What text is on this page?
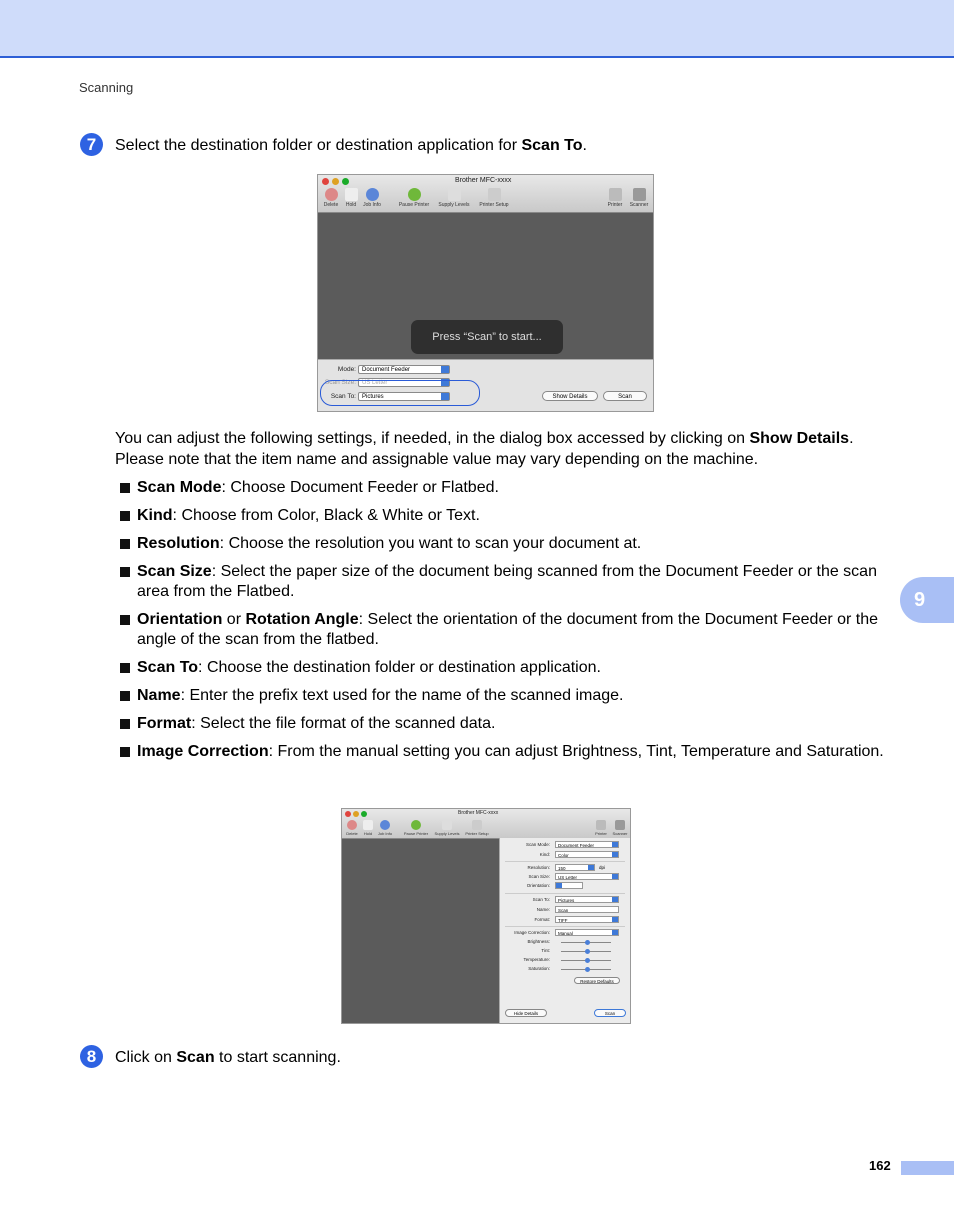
Scanning
7	Select the destination folder or destination application for Scan To.
Brother MFC-xxxx
Delete	Hold	Job Info	Pause Printer	Supply Levels	Printer Setup	Printer	Scanner
Press “Scan” to start...
Mode:	Document Feeder
Scan Size:	US Letter
Scan To:	Pictures	Show Details	Scan
You can adjust the following settings, if needed, in the dialog box accessed by clicking on Show Details.
Please note that the item name and assignable value may vary depending on the machine.
Scan Mode: Choose Document Feeder or Flatbed.
Kind: Choose from Color, Black & White or Text.
Resolution: Choose the resolution you want to scan your document at.
Scan Size: Select the paper size of the document being scanned from the Document Feeder or the scan area from the Flatbed.
Orientation or Rotation Angle: Select the orientation of the document from the Document Feeder or the angle of the scan from the flatbed.
Scan To: Choose the destination folder or destination application.
Name: Enter the prefix text used for the name of the scanned image.
Format: Select the file format of the scanned data.
Image Correction: From the manual setting you can adjust Brightness, Tint, Temperature and Saturation.
Brother MFC-xxxx
Delete	Hold	Job Info	Pause Printer	Supply Levels	Printer Setup	Printer	Scanner
Scan Mode:	Document Feeder
Kind:	Color
Resolution:	150	dpi
Scan Size:	US Letter
Orientation:
Scan To:	Pictures
Name:	Scan
Format:	TIFF
Image Correction:	Manual
Brightness:
Tint:
Temperature:
Saturation:
Restore Defaults
Hide Details	Scan
8	Click on Scan to start scanning.
9
162
